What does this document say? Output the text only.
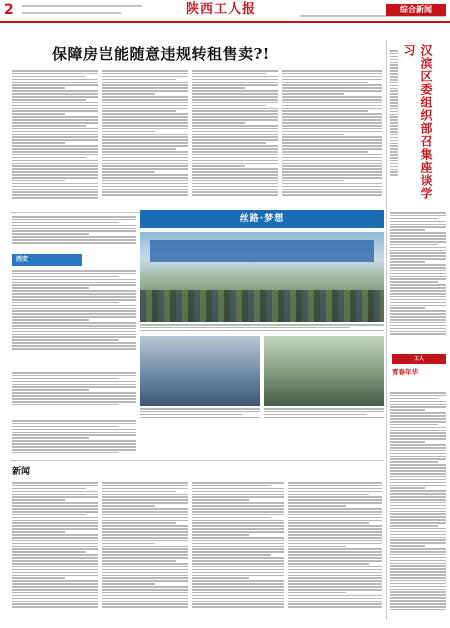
2	陕西工人报	综合新闻
保障房岂能随意违规转租售卖?!	汉滨区委组织部召集座谈学习
西安
丝路·梦想
工人
青春年华
新闻
